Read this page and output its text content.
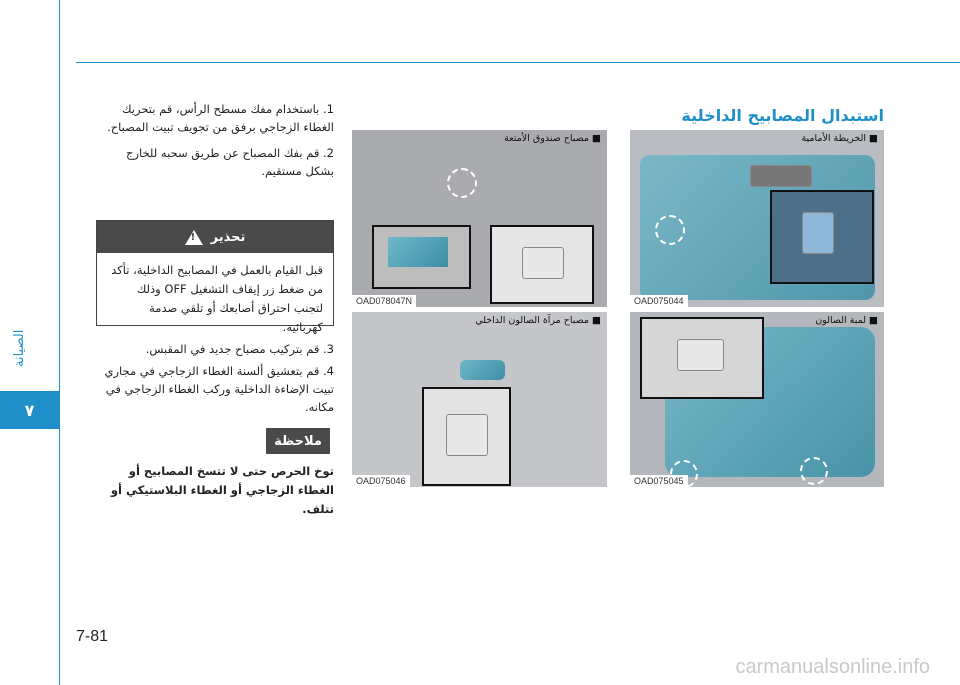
الصيانة
٧
7-81
carmanualsonline.info

1. باستخدام مفك مسطح الرأس، قم بتحريك الغطاء الزجاجي برفق من تجويف تبيت المصباح.

2. قم بفك المصباح عن طريق سحبه للخارج بشكل مستقيم.

تحذير
!
قبل القيام بالعمل في المصابيح الداخلية، تأكد من ضغط زر إيقاف التشغيل OFF وذلك لتجنب احتراق أصابعك أو تلقي صدمة كهربائية.

3. قم بتركيب مصباح جديد في المقبس.

4. قم بتعشيق ألسنة الغطاء الزجاجي في مجاري تبيت الإضاءة الداخلية وركب الغطاء الزجاجي في مكانه.

ملاحظة
توخ الحرص حتى لا تتسخ المصابيح أو الغطاء الزجاجي أو الغطاء البلاستيكي أو تتلف.
استبدال المصابيح الداخلية
■ الخريطة الأمامية
OAD075044
■ مصباح صندوق الأمتعة
OAD078047N
■ لمبة الصالون
OAD075045
■ مصباح مرآة الصالون الداخلي
OAD075046
